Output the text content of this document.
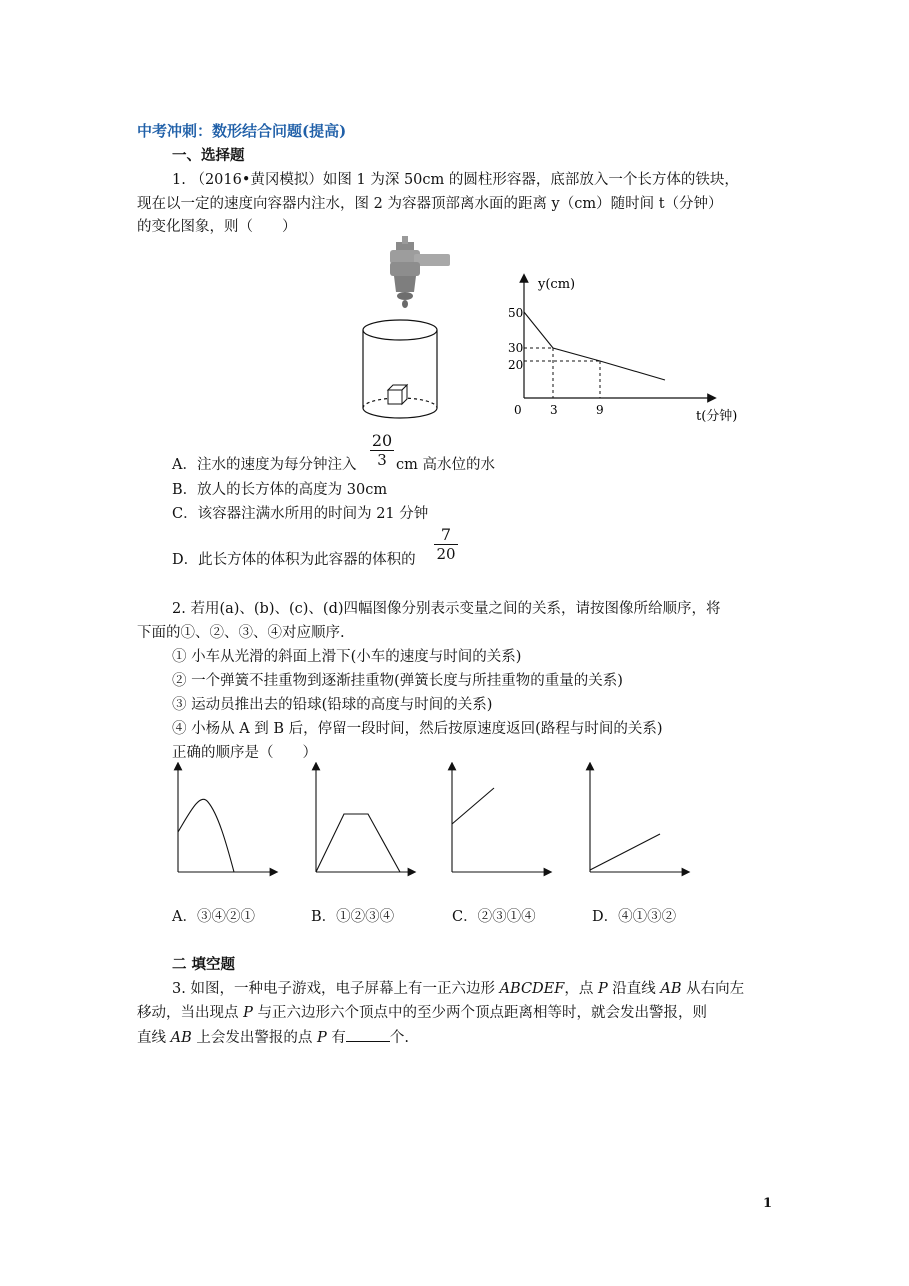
中考冲刺：数形结合问题(提高)
一、选择题
1. （2016•黄冈模拟）如图 1 为深 50cm 的圆柱形容器，底部放入一个长方体的铁块，
现在以一定的速度向容器内注水，图 2 为容器顶部离水面的距离 y（cm）随时间 t（分钟）
的变化图象，则（　　）
y(cm)
t(分钟)
50
30
20
0 3	9
A．注水的速度为每分钟注入 $\frac{20}{3}$ cm 高水位的水
B．放人的长方体的高度为 30cm
C．该容器注满水所用的时间为 21 分钟
D．此长方体的体积为此容器的体积的 $\frac{7}{20}$
2. 若用(a)、(b)、(c)、(d)四幅图像分别表示变量之间的关系，请按图像所给顺序，将
下面的①、②、③、④对应顺序.
① 小车从光滑的斜面上滑下(小车的速度与时间的关系)
② 一个弹簧不挂重物到逐渐挂重物(弹簧长度与所挂重物的重量的关系)
③ 运动员推出去的铅球(铅球的高度与时间的关系)
④ 小杨从 A 到 B 后，停留一段时间，然后按原速度返回(路程与时间的关系)
正确的顺序是（　　）
A．③④②①	B．①②③④	C．②③①④	D．④①③②
二 填空题
3. 如图，一种电子游戏，电子屏幕上有一正六边形 ABCDEF，点 P 沿直线 AB 从右向左
移动，当出现点 P 与正六边形六个顶点中的至少两个顶点距离相等时，就会发出警报，则
直线 AB 上会发出警报的点 P 有	个.
1
